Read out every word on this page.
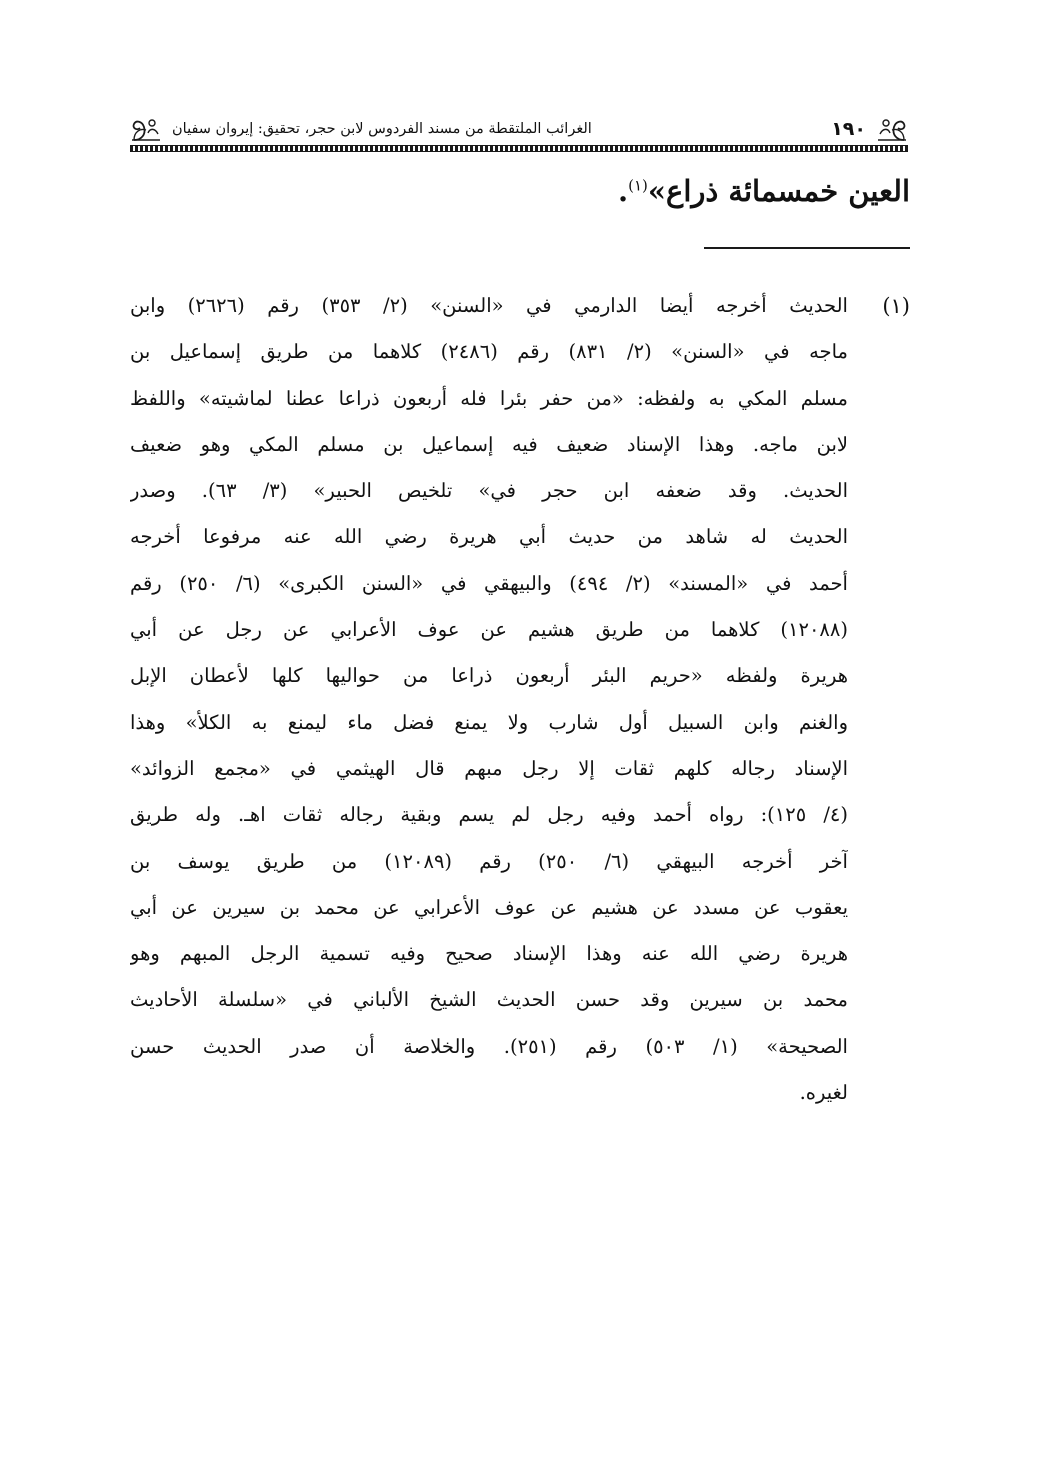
١٩٠
الغرائب الملتقطة من مسند الفردوس لابن حجر، تحقيق: إيروان سفيان
العين خمسمائة ذراع»$^{(١)}$.
(١)
الحديث أخرجه أيضا الدارمي في «السنن» (٢/ ٣٥٣) رقم (٢٦٢٦) وابن
ماجه في «السنن» (٢/ ٨٣١) رقم (٢٤٨٦) كلاهما من طريق إسماعيل بن
مسلم المكي به ولفظه: «من حفر بئرا فله أربعون ذراعا عطنا لماشيته» واللفظ
لابن ماجه. وهذا الإسناد ضعيف فيه إسماعيل بن مسلم المكي وهو ضعيف
الحديث. وقد ضعفه ابن حجر في» تلخيص الحبير» (٣/ ٦٣). وصدر
الحديث له شاهد من حديث أبي هريرة رضي الله عنه مرفوعا أخرجه
أحمد في «المسند» (٢/ ٤٩٤) والبيهقي في «السنن الكبرى» (٦/ ٢٥٠) رقم
(١٢٠٨٨) كلاهما من طريق هشيم عن عوف الأعرابي عن رجل عن أبي
هريرة ولفظه «حريم البئر أربعون ذراعا من حواليها كلها لأعطان الإبل
والغنم وابن السبيل أول شارب ولا يمنع فضل ماء ليمنع به الكلأ» وهذا
الإسناد رجاله كلهم ثقات إلا رجل مبهم قال الهيثمي في «مجمع الزوائد»
(٤/ ١٢٥): رواه أحمد وفيه رجل لم يسم وبقية رجاله ثقات اهـ. وله طريق
آخر أخرجه البيهقي (٦/ ٢٥٠) رقم (١٢٠٨٩) من طريق يوسف بن
يعقوب عن مسدد عن هشيم عن عوف الأعرابي عن محمد بن سيرين عن أبي
هريرة رضي الله عنه وهذا الإسناد صحيح وفيه تسمية الرجل المبهم وهو
محمد بن سيرين وقد حسن الحديث الشيخ الألباني في «سلسلة الأحاديث
الصحيحة» (١/ ٥٠٣) رقم (٢٥١). والخلاصة أن صدر الحديث حسن
لغيره.
